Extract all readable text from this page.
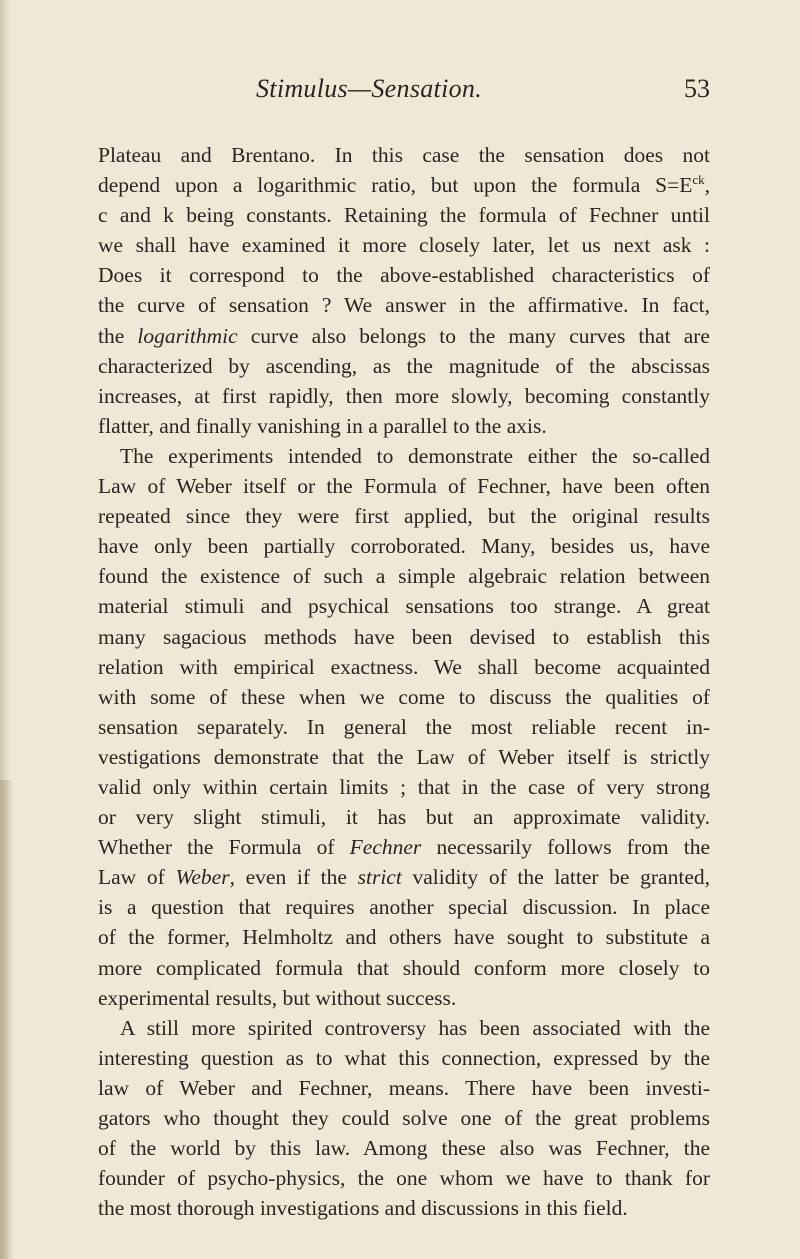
Stimulus—Sensation.	53
Plateau and Brentano. In this case the sensation does not
depend upon a logarithmic ratio, but upon the formula $S=E^{ck}$,
c and k being constants. Retaining the formula of Fechner until
we shall have examined it more closely later, let us next ask :
Does it correspond to the above-established characteristics of
the curve of sensation ? We answer in the affirmative. In fact,
the logarithmic curve also belongs to the many curves that are
characterized by ascending, as the magnitude of the abscissas
increases, at first rapidly, then more slowly, becoming constantly
flatter, and finally vanishing in a parallel to the axis.
The experiments intended to demonstrate either the so-called
Law of Weber itself or the Formula of Fechner, have been often
repeated since they were first applied, but the original results
have only been partially corroborated. Many, besides us, have
found the existence of such a simple algebraic relation between
material stimuli and psychical sensations too strange. A great
many sagacious methods have been devised to establish this
relation with empirical exactness. We shall become acquainted
with some of these when we come to discuss the qualities of
sensation separately. In general the most reliable recent in-
vestigations demonstrate that the Law of Weber itself is strictly
valid only within certain limits ; that in the case of very strong
or very slight stimuli, it has but an approximate validity.
Whether the Formula of Fechner necessarily follows from the
Law of Weber, even if the strict validity of the latter be granted,
is a question that requires another special discussion. In place
of the former, Helmholtz and others have sought to substitute a
more complicated formula that should conform more closely to
experimental results, but without success.
A still more spirited controversy has been associated with the
interesting question as to what this connection, expressed by the
law of Weber and Fechner, means. There have been investi-
gators who thought they could solve one of the great problems
of the world by this law. Among these also was Fechner, the
founder of psycho-physics, the one whom we have to thank for
the most thorough investigations and discussions in this field.
